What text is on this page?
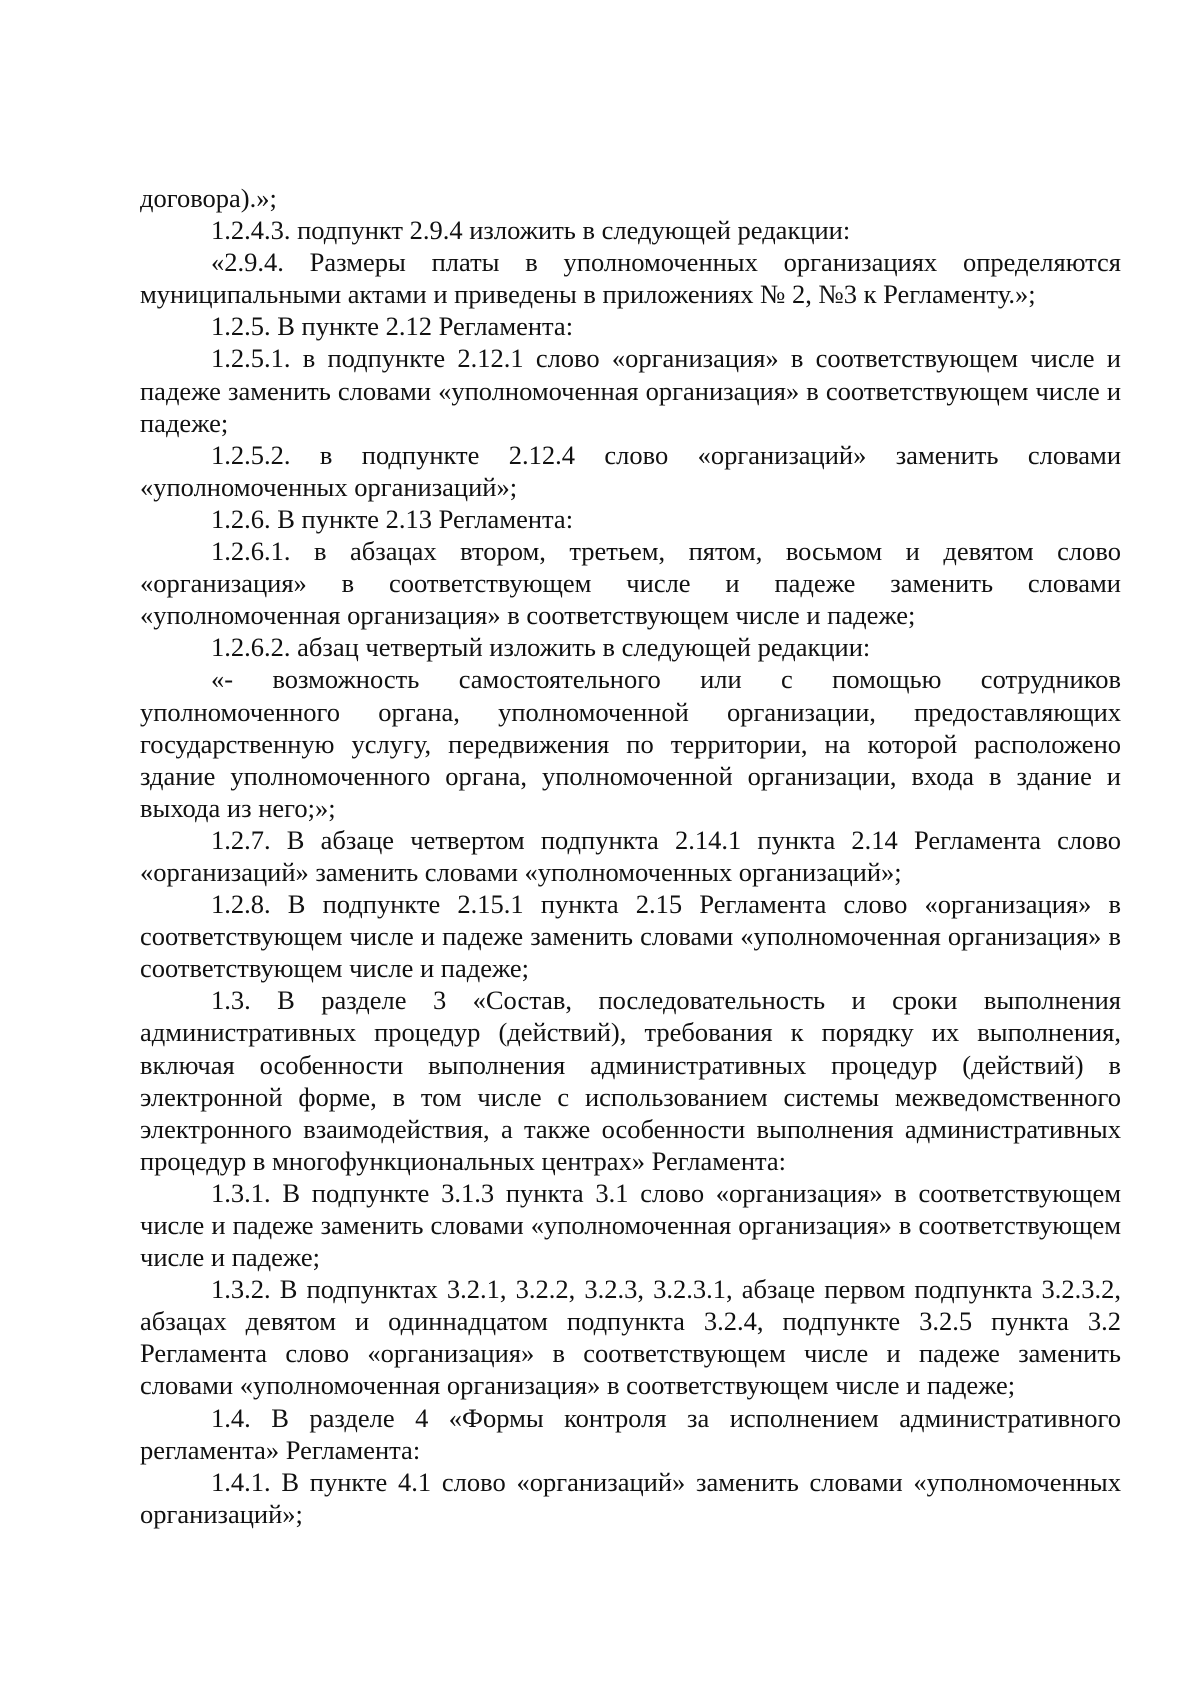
договора).»;

1.2.4.3. подпункт 2.9.4 изложить в следующей редакции:

«2.9.4. Размеры платы в уполномоченных организациях определяются муниципальными актами и приведены в приложениях № 2, №3 к Регламенту.»;

1.2.5. В пункте 2.12 Регламента:

1.2.5.1. в подпункте 2.12.1 слово «организация» в соответствующем числе и падеже заменить словами «уполномоченная организация» в соответствующем числе и падеже;

1.2.5.2. в подпункте 2.12.4 слово «организаций» заменить словами «уполномоченных организаций»;

1.2.6. В пункте 2.13 Регламента:

1.2.6.1. в абзацах втором, третьем, пятом, восьмом и девятом слово «организация» в соответствующем числе и падеже заменить словами «уполномоченная организация» в соответствующем числе и падеже;

1.2.6.2. абзац четвертый изложить в следующей редакции:

«- возможность самостоятельного или с помощью сотрудников уполномоченного органа, уполномоченной организации, предоставляющих государственную услугу, передвижения по территории, на которой расположено здание уполномоченного органа, уполномоченной организации, входа в здание и выхода из него;»;

1.2.7. В абзаце четвертом подпункта 2.14.1 пункта 2.14 Регламента слово «организаций» заменить словами «уполномоченных организаций»;

1.2.8. В подпункте 2.15.1 пункта 2.15 Регламента слово «организация» в соответствующем числе и падеже заменить словами «уполномоченная организация» в соответствующем числе и падеже;

1.3. В разделе 3 «Состав, последовательность и сроки выполнения административных процедур (действий), требования к порядку их выполнения, включая особенности выполнения административных процедур (действий) в электронной форме, в том числе с использованием системы межведомственного электронного взаимодействия, а также особенности выполнения административных процедур в многофункциональных центрах» Регламента:

1.3.1. В подпункте 3.1.3 пункта 3.1 слово «организация» в соответствующем числе и падеже заменить словами «уполномоченная организация» в соответствующем числе и падеже;

1.3.2. В подпунктах 3.2.1, 3.2.2, 3.2.3, 3.2.3.1, абзаце первом подпункта 3.2.3.2, абзацах девятом и одиннадцатом подпункта 3.2.4, подпункте 3.2.5 пункта 3.2 Регламента слово «организация» в соответствующем числе и падеже заменить словами «уполномоченная организация» в соответствующем числе и падеже;

1.4. В разделе 4 «Формы контроля за исполнением административного регламента» Регламента:

1.4.1. В пункте 4.1 слово «организаций» заменить словами «уполномоченных организаций»;
